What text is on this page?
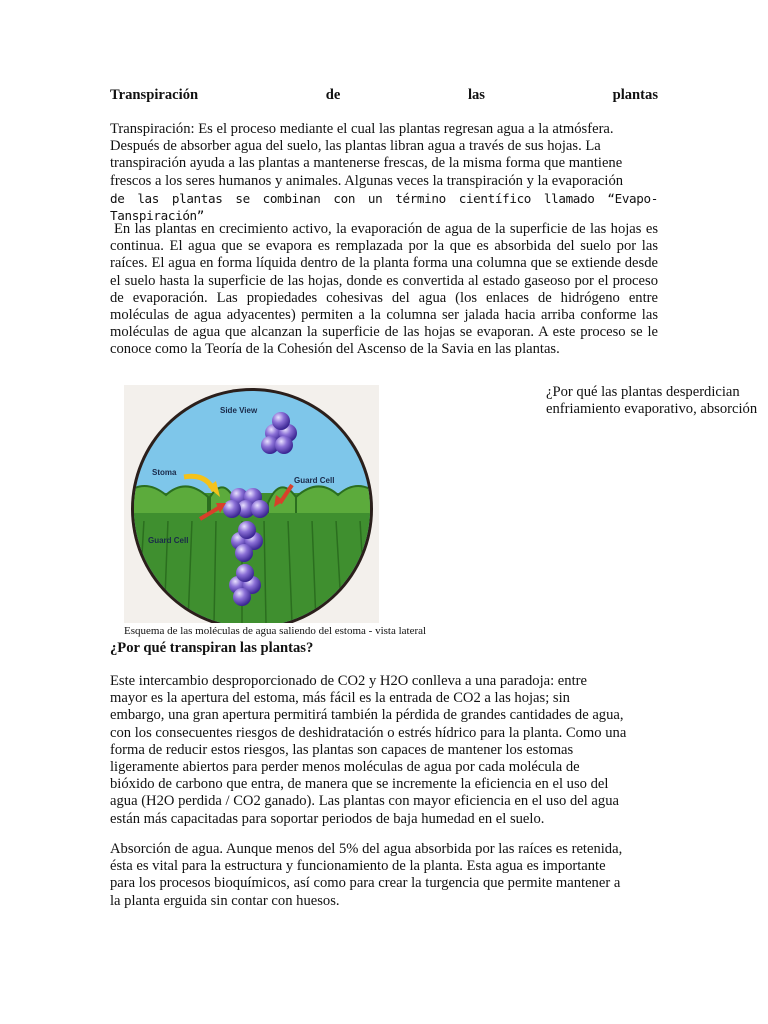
Transpiración	de	las	plantas
Transpiración: Es el proceso mediante el cual las plantas regresan agua a la atmósfera.
Después de absorber agua del suelo, las plantas libran agua a través de sus hojas. La
transpiración ayuda a las plantas a mantenerse frescas, de la misma forma que mantiene
frescos a los seres humanos y animales. Algunas veces la transpiración y la evaporación
de las plantas se combinan con un término científico llamado “Evapo-Tanspiración”

En las plantas en crecimiento activo, la evaporación de agua de la superficie de las hojas es continua. El agua que se evapora es remplazada por la que es absorbida del suelo por las raíces. El agua en forma líquida dentro de la planta forma una columna que se extiende desde el suelo hasta la superficie de las hojas, donde es convertida al estado gaseoso por el proceso de evaporación. Las propiedades cohesivas del agua (los enlaces de hidrógeno entre moléculas de agua adyacentes) permiten a la columna ser jalada hacia arriba conforme las moléculas de agua que alcanzan la superficie de las hojas se evaporan. A este proceso se le conoce como la Teoría de la Cohesión del Ascenso de la Savia en las plantas.

¿Por qué las plantas desperdician
enfriamiento evaporativo, absorción
Side View
Stoma
Guard Cell
Guard Cell
Esquema de las moléculas de agua saliendo del estoma - vista lateral
¿Por qué transpiran las plantas?
Este intercambio desproporcionado de CO2 y H2O conlleva a una paradoja: entre
mayor es la apertura del estoma, más fácil es la entrada de CO2 a las hojas; sin
embargo, una gran apertura permitirá también la pérdida de grandes cantidades de agua,
con los consecuentes riesgos de deshidratación o estrés hídrico para la planta. Como una
forma de reducir estos riesgos, las plantas son capaces de mantener los estomas
ligeramente abiertos para perder menos moléculas de agua por cada molécula de
bióxido de carbono que entra, de manera que se incremente la eficiencia en el uso del
agua (H2O perdida / CO2 ganado). Las plantas con mayor eficiencia en el uso del agua
están más capacitadas para soportar periodos de baja humedad en el suelo.
Absorción de agua. Aunque menos del 5% del agua absorbida por las raíces es retenida,
ésta es vital para la estructura y funcionamiento de la planta. Esta agua es importante
para los procesos bioquímicos, así como para crear la turgencia que permite mantener a
la planta erguida sin contar con huesos.
